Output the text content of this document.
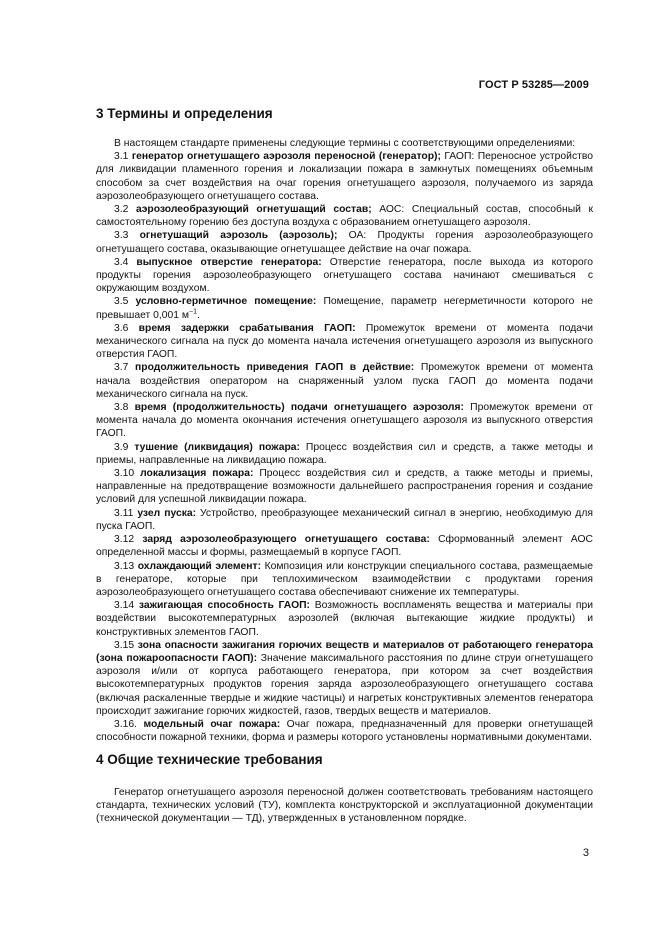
ГОСТ Р 53285—2009
3 Термины и определения

В настоящем стандарте применены следующие термины с соответствующими определениями:

3.1 генератор огнетушащего аэрозоля переносной (генератор); ГАОП: Переносное устройство для ликвидации пламенного горения и локализации пожара в замкнутых помещениях объемным способом за счет воздействия на очаг горения огнетушащего аэрозоля, получаемого из заряда аэрозолеобразующего огнетушащего состава.

3.2 аэрозолеобразующий огнетушащий состав; АОС: Специальный состав, способный к самостоятельному горению без доступа воздуха с образованием огнетушащего аэрозоля.

3.3 огнетушащий аэрозоль (аэрозоль); ОА: Продукты горения аэрозолеобразующего огнетушащего состава, оказывающие огнетушащее действие на очаг пожара.

3.4 выпускное отверстие генератора: Отверстие генератора, после выхода из которого продукты горения аэрозолеобразующего огнетушащего состава начинают смешиваться с окружающим воздухом.

3.5 условно-герметичное помещение: Помещение, параметр негерметичности которого не превышает 0,001 $м^{-1}$.

3.6 время задержки срабатывания ГАОП: Промежуток времени от момента подачи механического сигнала на пуск до момента начала истечения огнетушащего аэрозоля из выпускного отверстия ГАОП.

3.7 продолжительность приведения ГАОП в действие: Промежуток времени от момента начала воздействия оператором на снаряженный узлом пуска ГАОП до момента подачи механического сигнала на пуск.

3.8 время (продолжительность) подачи огнетушащего аэрозоля: Промежуток времени от момента начала до момента окончания истечения огнетушащего аэрозоля из выпускного отверстия ГАОП.

3.9 тушение (ликвидация) пожара: Процесс воздействия сил и средств, а также методы и приемы, направленные на ликвидацию пожара.

3.10 локализация пожара: Процесс воздействия сил и средств, а также методы и приемы, направленные на предотвращение возможности дальнейшего распространения горения и создание условий для успешной ликвидации пожара.

3.11 узел пуска: Устройство, преобразующее механический сигнал в энергию, необходимую для пуска ГАОП.

3.12 заряд аэрозолеобразующего огнетушащего состава: Сформованный элемент АОС определенной массы и формы, размещаемый в корпусе ГАОП.

3.13 охлаждающий элемент: Композиция или конструкции специального состава, размещаемые в генераторе, которые при теплохимическом взаимодействии с продуктами горения аэрозолеобразующего огнетушащего состава обеспечивают снижение их температуры.

3.14 зажигающая способность ГАОП: Возможность воспламенять вещества и материалы при воздействии высокотемпературных аэрозолей (включая вытекающие жидкие продукты) и конструктивных элементов ГАОП.

3.15 зона опасности зажигания горючих веществ и материалов от работающего генератора (зона пожароопасности ГАОП): Значение максимального расстояния по длине струи огнетушащего аэрозоля и/или от корпуса работающего генератора, при котором за счет воздействия высокотемпературных продуктов горения заряда аэрозолеобразующего огнетушащего состава (включая раскаленные твердые и жидкие частицы) и нагретых конструктивных элементов генератора происходит зажигание горючих жидкостей, газов, твердых веществ и материалов.

3.16. модельный очаг пожара: Очаг пожара, предназначенный для проверки огнетушащей способности пожарной техники, форма и размеры которого установлены нормативными документами.

4 Общие технические требования

Генератор огнетушащего аэрозоля переносной должен соответствовать требованиям настоящего стандарта, технических условий (ТУ), комплекта конструкторской и эксплуатационной документации (технической документации — ТД), утвержденных в установленном порядке.

3
